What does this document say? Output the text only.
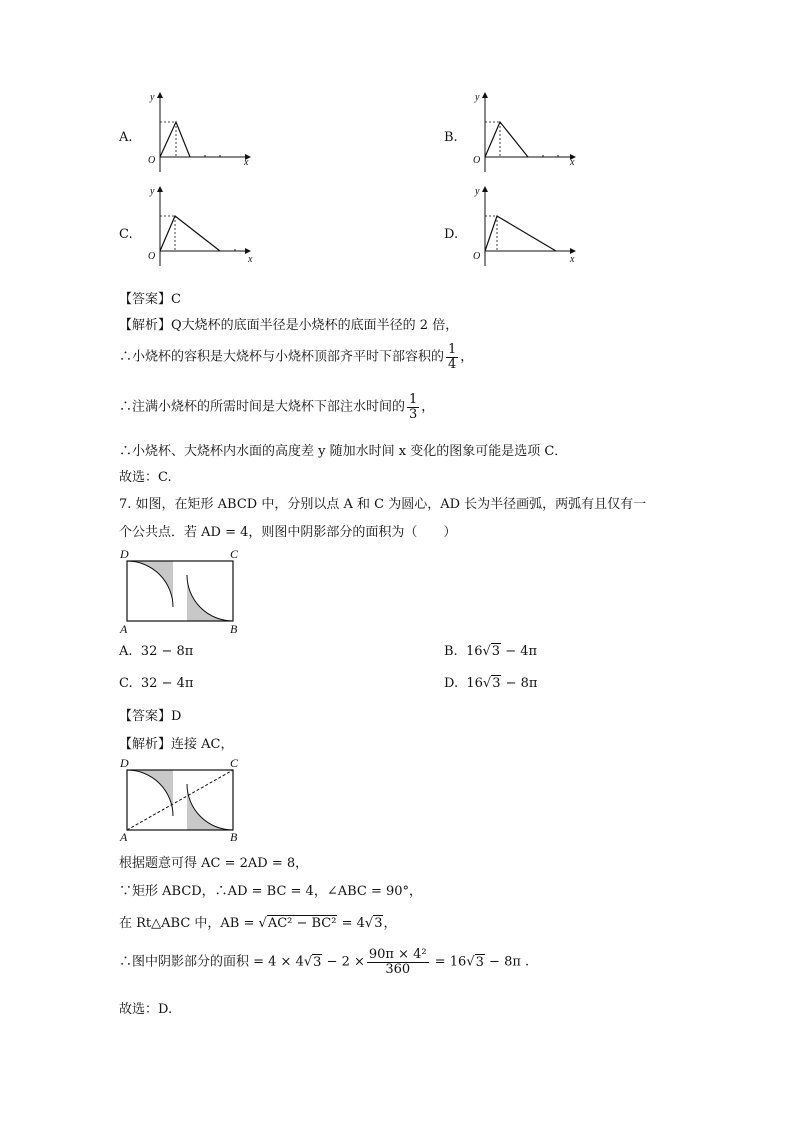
A.
y
x
O
B.
y
x
O
C.
y
x
O
D.
y
x
O
【答案】C
【解析】Q大烧杯的底面半径是小烧杯的底面半径的 2 倍，
∴小烧杯的容积是大烧杯与小烧杯顶部齐平时下部容积的 $\frac{1}{4}$ ，
∴注满小烧杯的所需时间是大烧杯下部注水时间的 $\frac{1}{3}$ ，
∴小烧杯、大烧杯内水面的高度差 y 随加水时间 x 变化的图象可能是选项 C．
故选：C.
7. 如图，在矩形 ABCD 中，分别以点 A 和 C 为圆心，AD 长为半径画弧，两弧有且仅有一
个公共点．若 AD = 4，则图中阴影部分的面积为（　　）
D	C
A	B
A. 32 − 8π	B. 16√3 − 4π
C. 32 − 4π	D. 16√3 − 8π
【答案】D
【解析】连接 AC，
D	C
A	B
根据题意可得 AC = 2AD = 8，
∵矩形 ABCD，∴AD = BC = 4，∠ABC = 90°，
在 Rt△ABC 中，AB = √AC² − BC² = 4√3，
∴图中阴影部分的面积 = $4 \times 4√3 - 2 \times \frac{\text{90π × 4²}}{360} = 16√3 - 8\pi$ .
故选：D.
